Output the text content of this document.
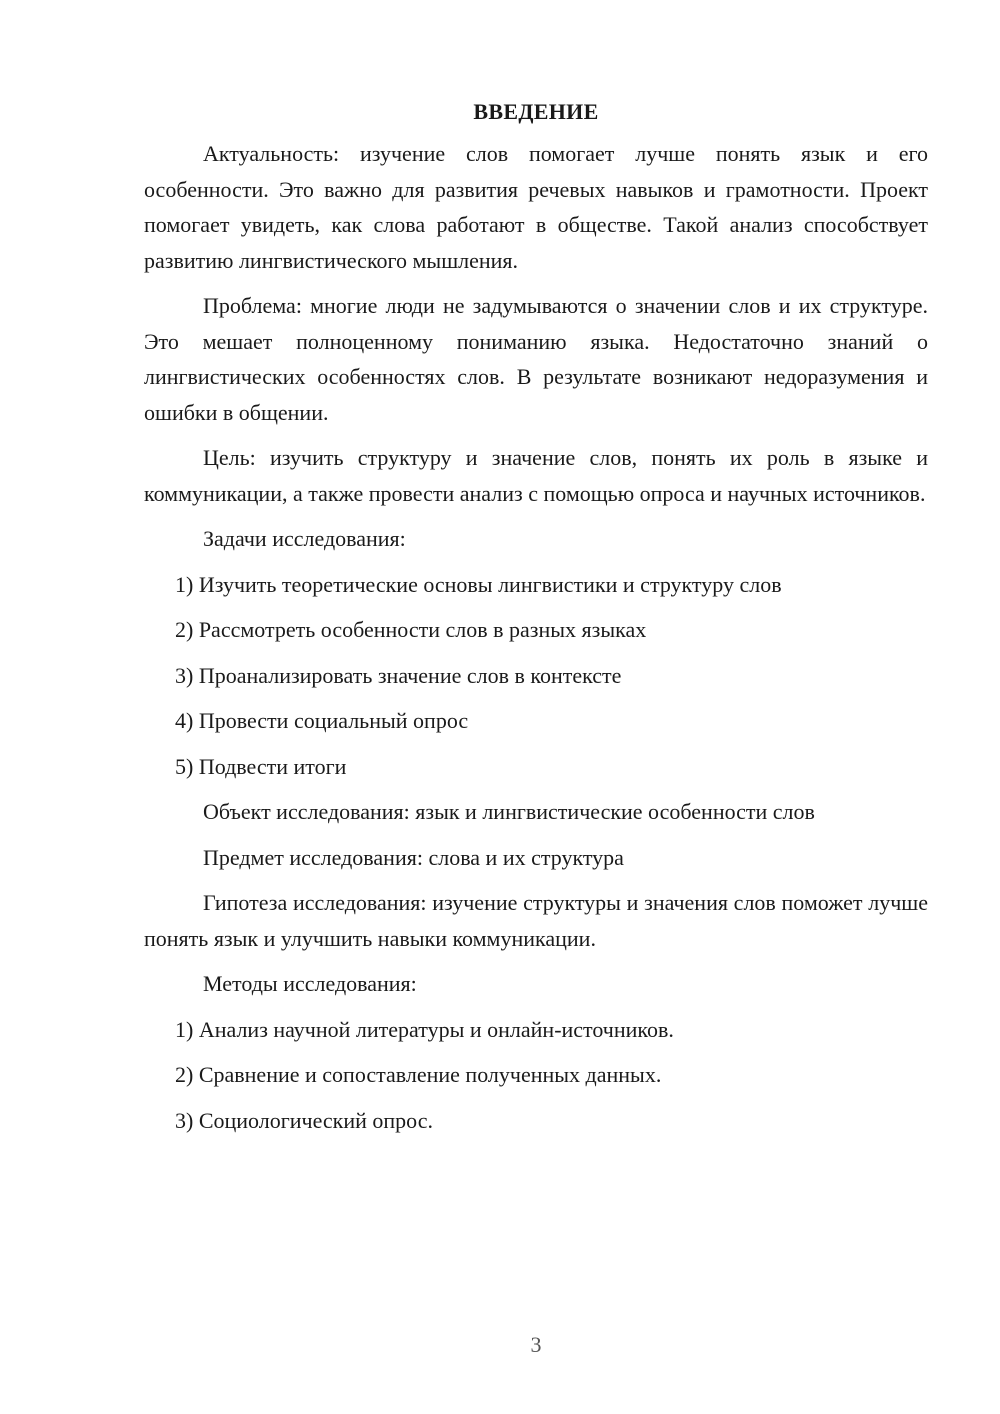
ВВЕДЕНИЕ

Актуальность: изучение слов помогает лучше понять язык и его особенности. Это важно для развития речевых навыков и грамотности. Проект помогает увидеть, как слова работают в обществе. Такой анализ способствует развитию лингвистического мышления.

Проблема: многие люди не задумываются о значении слов и их структуре. Это мешает полноценному пониманию языка. Недостаточно знаний о лингвистических особенностях слов. В результате возникают недоразумения и ошибки в общении.

Цель: изучить структуру и значение слов, понять их роль в языке и коммуникации, а также провести анализ с помощью опроса и научных источников.

Задачи исследования:

1) Изучить теоретические основы лингвистики и структуру слов
2) Рассмотреть особенности слов в разных языках
3) Проанализировать значение слов в контексте
4) Провести социальный опрос
5) Подвести итоги

Объект исследования: язык и лингвистические особенности слов

Предмет исследования: слова и их структура

Гипотеза исследования: изучение структуры и значения слов поможет лучше понять язык и улучшить навыки коммуникации.

Методы исследования:

1) Анализ научной литературы и онлайн-источников.
2) Сравнение и сопоставление полученных данных.
3) Социологический опрос.
3
